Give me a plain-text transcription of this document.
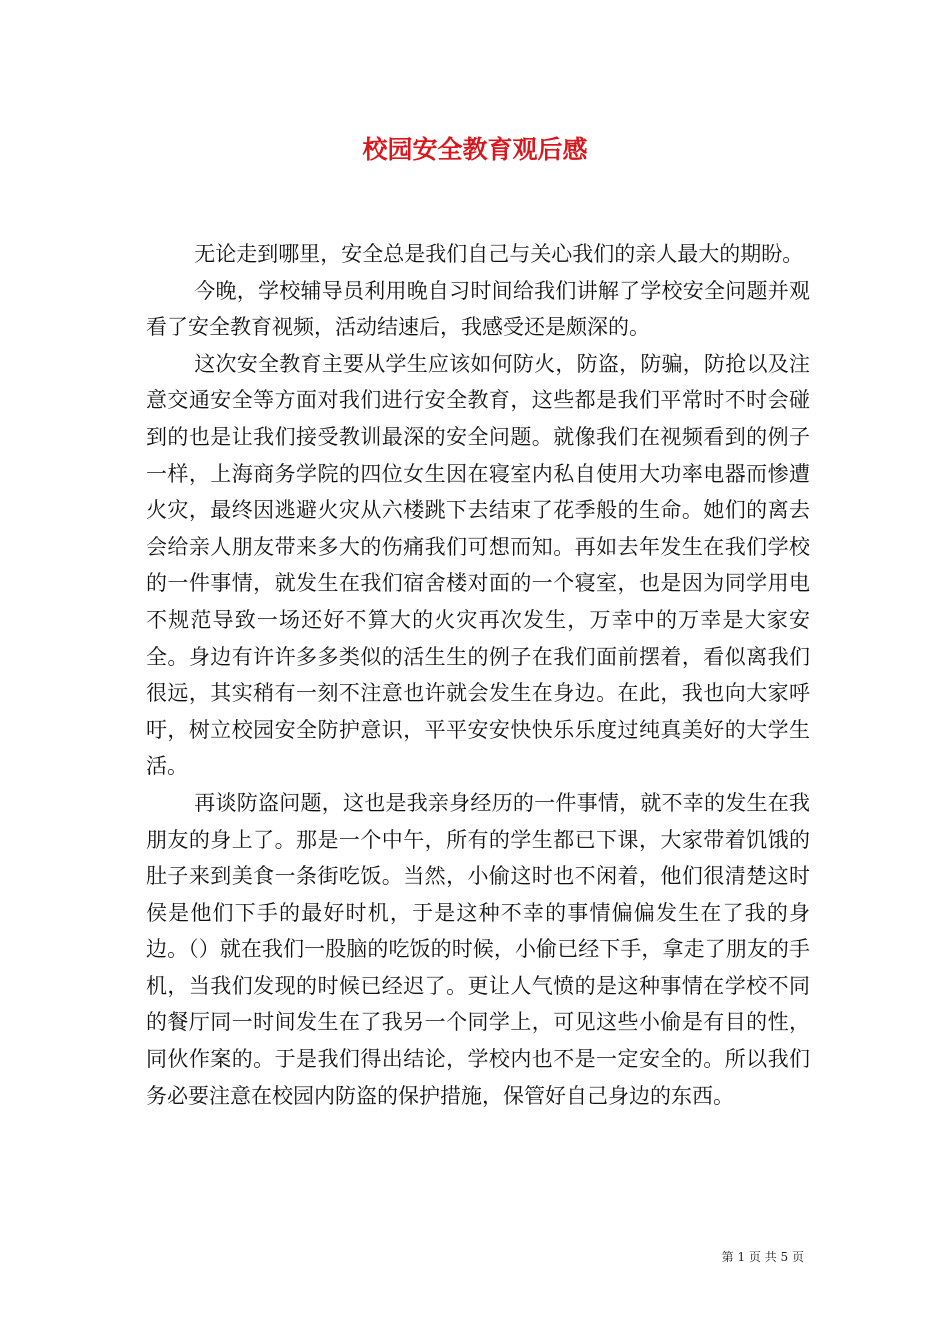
校园安全教育观后感

无论走到哪里，安全总是我们自己与关心我们的亲人最大的期盼。

今晚，学校辅导员利用晚自习时间给我们讲解了学校安全问题并观看了安全教育视频，活动结速后，我感受还是颇深的。

这次安全教育主要从学生应该如何防火，防盗，防骗，防抢以及注意交通安全等方面对我们进行安全教育，这些都是我们平常时不时会碰到的也是让我们接受教训最深的安全问题。就像我们在视频看到的例子一样，上海商务学院的四位女生因在寝室内私自使用大功率电器而惨遭火灾，最终因逃避火灾从六楼跳下去结束了花季般的生命。她们的离去会给亲人朋友带来多大的伤痛我们可想而知。再如去年发生在我们学校的一件事情，就发生在我们宿舍楼对面的一个寝室，也是因为同学用电不规范导致一场还好不算大的火灾再次发生，万幸中的万幸是大家安全。身边有许许多多类似的活生生的例子在我们面前摆着，看似离我们很远，其实稍有一刻不注意也许就会发生在身边。在此，我也向大家呼吁，树立校园安全防护意识，平平安安快快乐乐度过纯真美好的大学生活。

再谈防盗问题，这也是我亲身经历的一件事情，就不幸的发生在我朋友的身上了。那是一个中午，所有的学生都已下课，大家带着饥饿的肚子来到美食一条街吃饭。当然，小偷这时也不闲着，他们很清楚这时侯是他们下手的最好时机，于是这种不幸的事情偏偏发生在了我的身边。（）就在我们一股脑的吃饭的时候，小偷已经下手，拿走了朋友的手机，当我们发现的时候已经迟了。更让人气愤的是这种事情在学校不同的餐厅同一时间发生在了我另一个同学上，可见这些小偷是有目的性，同伙作案的。于是我们得出结论，学校内也不是一定安全的。所以我们务必要注意在校园内防盗的保护措施，保管好自己身边的东西。

第 1 页 共 5 页
